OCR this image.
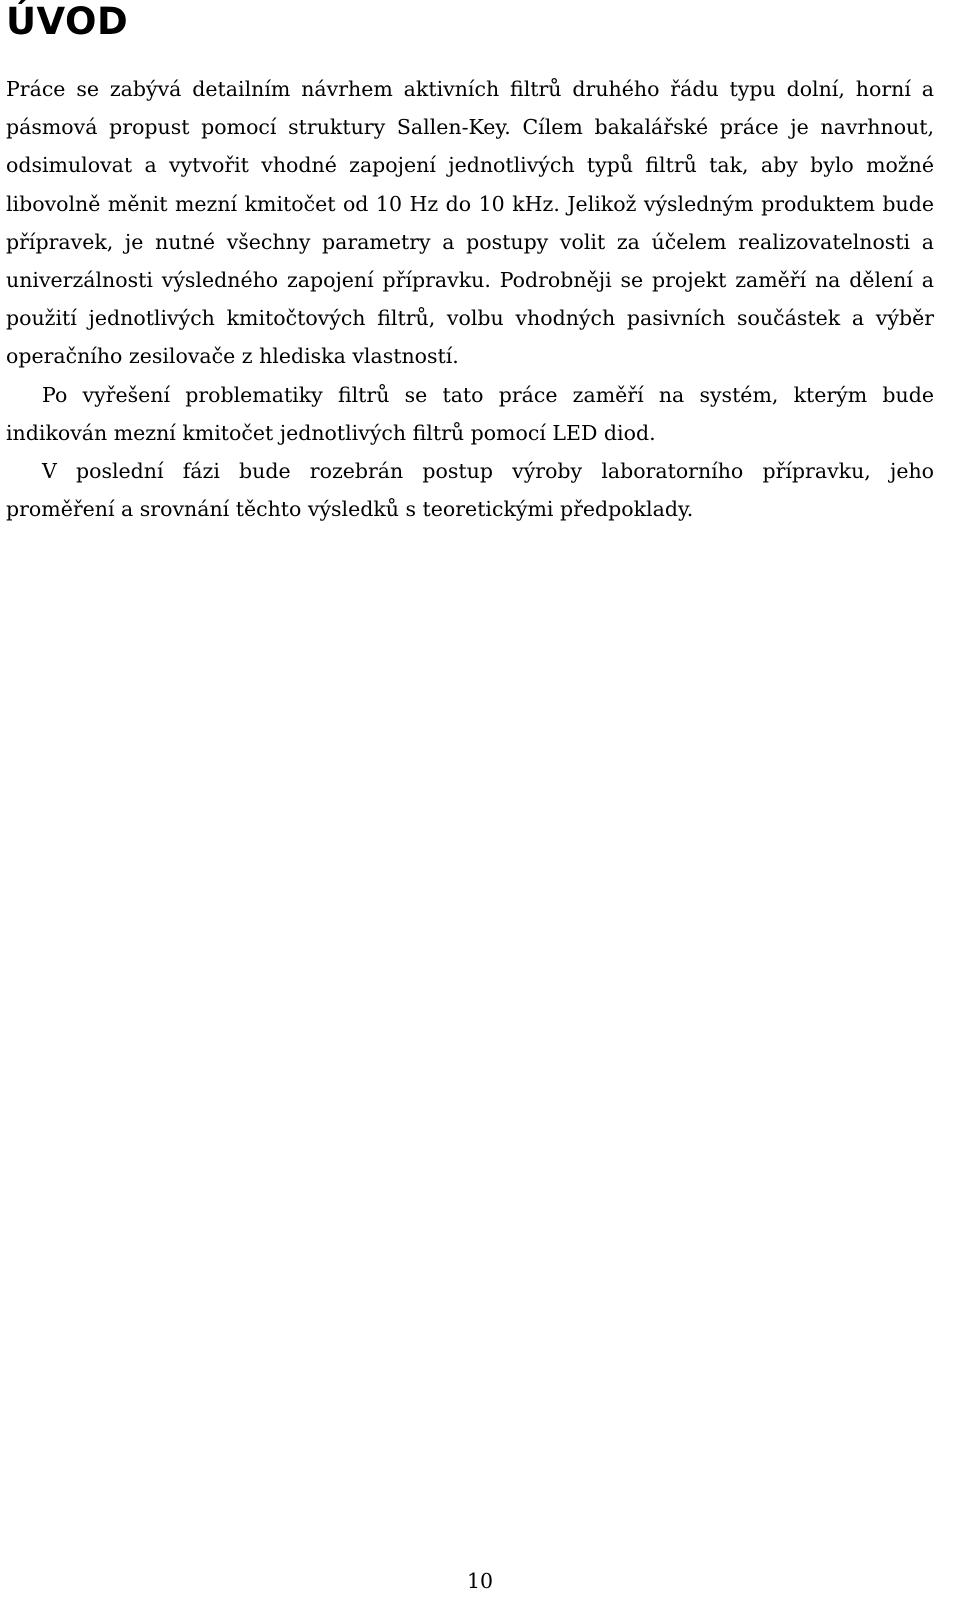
ÚVOD

Práce se zabývá detailním návrhem aktivních filtrů druhého řádu typu dolní, horní a pásmová propust pomocí struktury Sallen-Key. Cílem bakalářské práce je navrhnout, odsimulovat a vytvořit vhodné zapojení jednotlivých typů filtrů tak, aby bylo možné libovolně měnit mezní kmitočet od 10 Hz do 10 kHz. Jelikož výsledným produktem bude přípravek, je nutné všechny parametry a postupy volit za účelem realizovatelnosti a univerzálnosti výsledného zapojení přípravku. Podrobněji se projekt zaměří na dělení a použití jednotlivých kmitočtových filtrů, volbu vhodných pasivních součástek a výběr operačního zesilovače z hlediska vlastností.

Po vyřešení problematiky filtrů se tato práce zaměří na systém, kterým bude indikován mezní kmitočet jednotlivých filtrů pomocí LED diod.

V poslední fázi bude rozebrán postup výroby laboratorního přípravku, jeho proměření a srovnání těchto výsledků s teoretickými předpoklady.

10
